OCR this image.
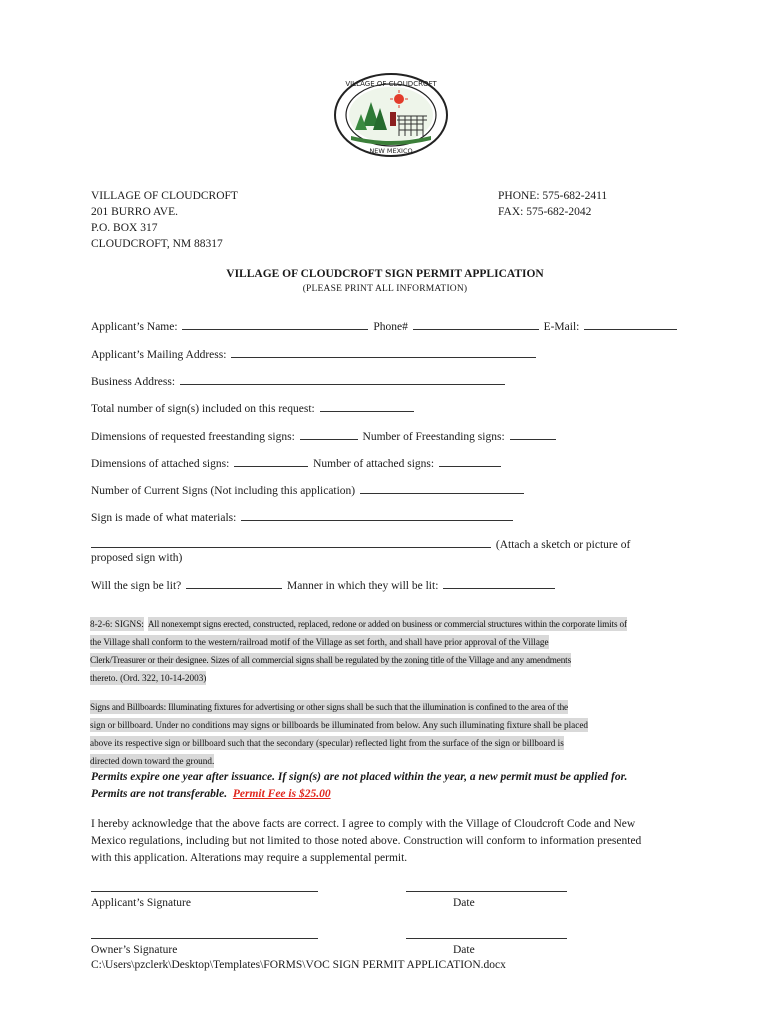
VILLAGE OF CLOUDCROFT
NEW MEXICO
VILLAGE OF CLOUDCROFT
201 BURRO AVE.
P.O. BOX 317
CLOUDCROFT, NM 88317
PHONE: 575-682-2411
FAX: 575-682-2042
VILLAGE OF CLOUDCROFT SIGN PERMIT APPLICATION
(PLEASE PRINT ALL INFORMATION)
Applicant’s Name:	Phone#	E-Mail:
Applicant’s Mailing Address:
Business Address:
Total number of sign(s) included on this request:
Dimensions of requested freestanding signs:	Number of Freestanding signs:
Dimensions of attached signs:	Number of attached signs:
Number of Current Signs (Not including this application)
Sign is made of what materials:
(Attach a sketch or picture of
proposed sign with)
Will the sign be lit?	Manner in which they will be lit:
8-2-6: SIGNS: All nonexempt signs erected, constructed, replaced, redone or added on business or commercial structures within the corporate limits of the Village shall conform to the western/railroad motif of the Village as set forth, and shall have prior approval of the Village Clerk/Treasurer or their designee. Sizes of all commercial signs shall be regulated by the zoning title of the Village and any amendments thereto. (Ord. 322, 10-14-2003)
Signs and Billboards: Illuminating fixtures for advertising or other signs shall be such that the illumination is confined to the area of the sign or billboard. Under no conditions may signs or billboards be illuminated from below. Any such illuminating fixture shall be placed above its respective sign or billboard such that the secondary (specular) reflected light from the surface of the sign or billboard is directed down toward the ground.
Permits expire one year after issuance. If sign(s) are not placed within the year, a new permit must be applied for.
Permits are not transferable.  Permit Fee is $25.00
I hereby acknowledge that the above facts are correct. I agree to comply with the Village of Cloudcroft Code and New
Mexico regulations, including but not limited to those noted above. Construction will conform to information presented
with this application. Alterations may require a supplemental permit.
Applicant’s Signature	Date
Owner’s Signature	Date
C:\Users\pzclerk\Desktop\Templates\FORMS\VOC SIGN PERMIT APPLICATION.docx
